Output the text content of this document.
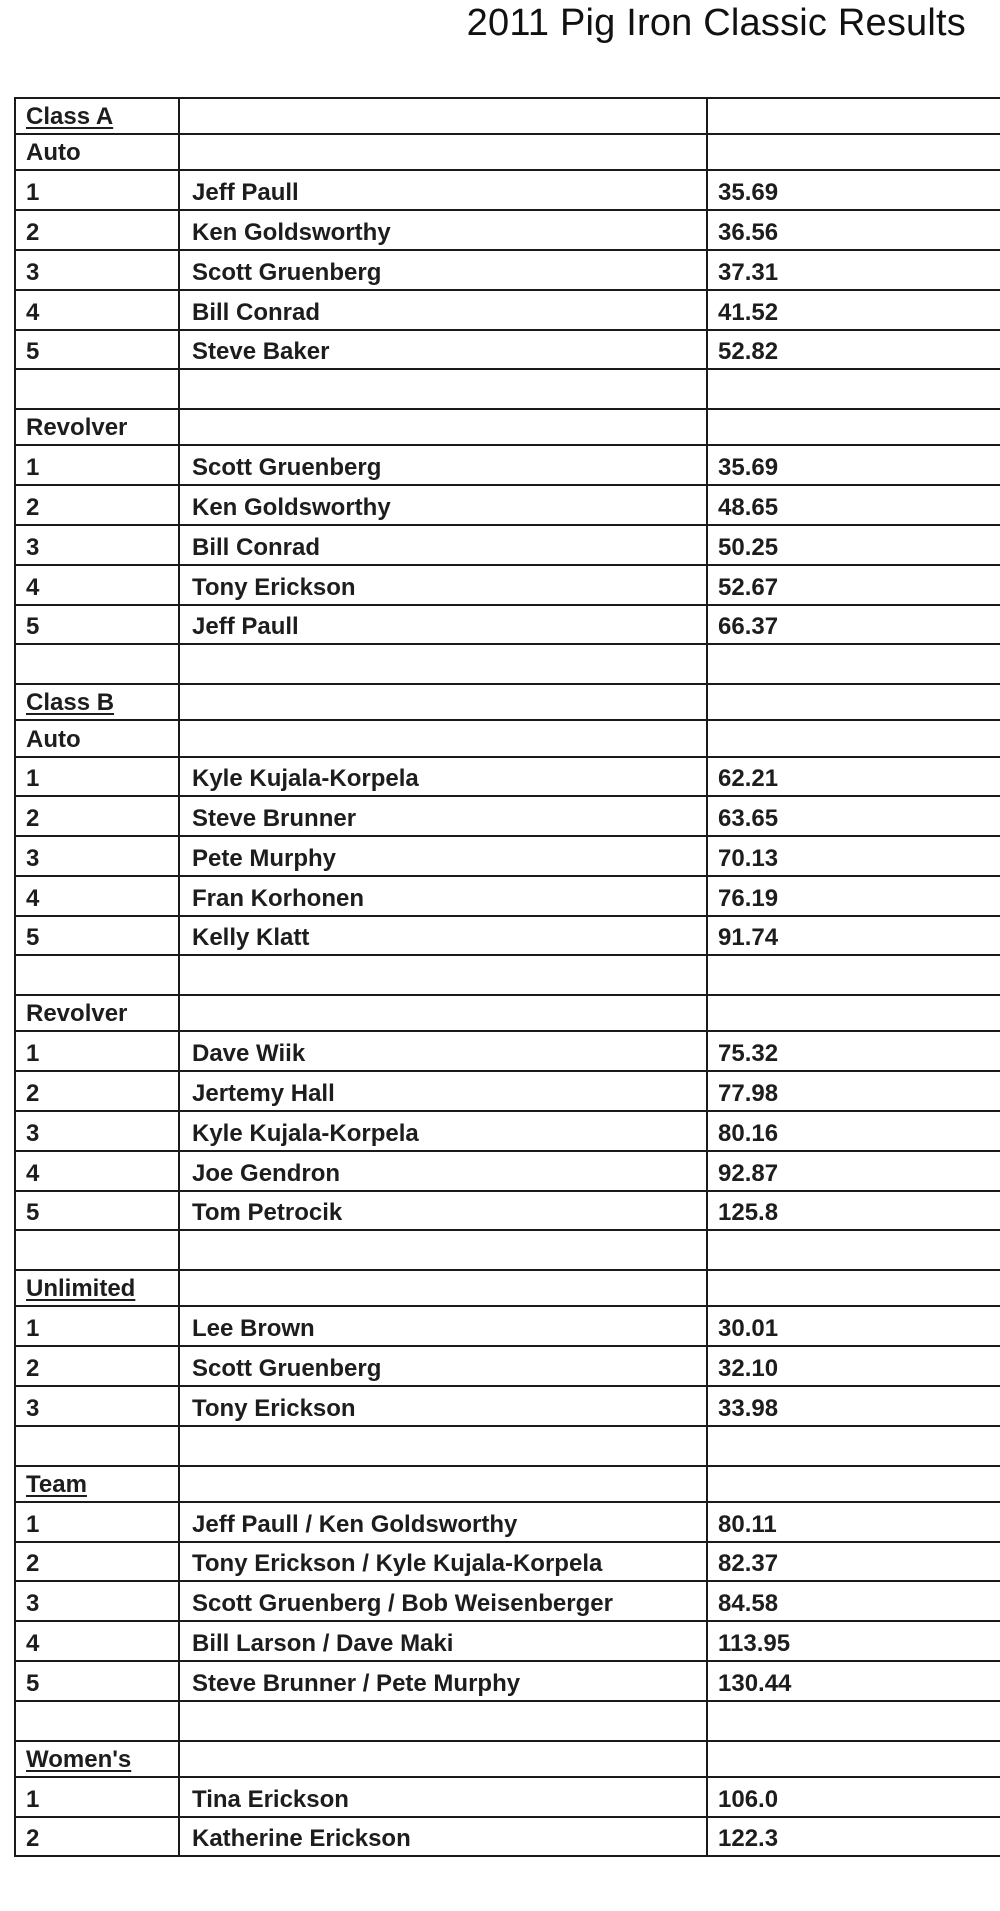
2011 Pig Iron Classic Results
Class A		
Auto		
1	Jeff Paull	35.69
2	Ken Goldsworthy	36.56
3	Scott Gruenberg	37.31
4	Bill Conrad	41.52
5	Steve Baker	52.82

Revolver		
1	Scott Gruenberg	35.69
2	Ken Goldsworthy	48.65
3	Bill Conrad	50.25
4	Tony Erickson	52.67
5	Jeff Paull	66.37

Class B		
Auto		
1	Kyle Kujala-Korpela	62.21
2	Steve Brunner	63.65
3	Pete Murphy	70.13
4	Fran Korhonen	76.19
5	Kelly Klatt	91.74

Revolver		
1	Dave Wiik	75.32
2	Jertemy Hall	77.98
3	Kyle Kujala-Korpela	80.16
4	Joe Gendron	92.87
5	Tom Petrocik	125.8

Unlimited		
1	Lee Brown	30.01
2	Scott Gruenberg	32.10
3	Tony Erickson	33.98

Team		
1	Jeff Paull / Ken Goldsworthy	80.11
2	Tony Erickson / Kyle Kujala-Korpela	82.37
3	Scott Gruenberg / Bob Weisenberger	84.58
4	Bill Larson / Dave Maki	113.95
5	Steve Brunner / Pete Murphy	130.44

Women's		
1	Tina Erickson	106.0
2	Katherine Erickson	122.3
